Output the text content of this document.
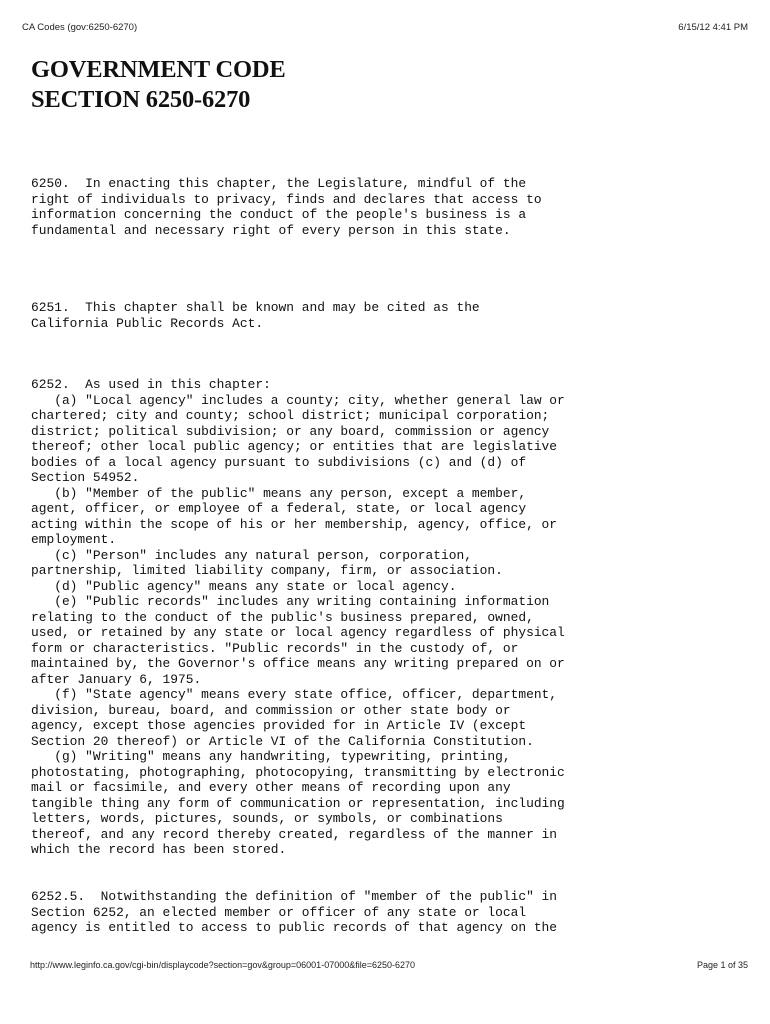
CA Codes (gov:6250-6270)	6/15/12 4:41 PM
GOVERNMENT CODE
SECTION 6250-6270
6250.  In enacting this chapter, the Legislature, mindful of the
right of individuals to privacy, finds and declares that access to
information concerning the conduct of the people's business is a
fundamental and necessary right of every person in this state.
6251.  This chapter shall be known and may be cited as the
California Public Records Act.
6252.  As used in this chapter:
(a) "Local agency" includes a county; city, whether general law or
chartered; city and county; school district; municipal corporation;
district; political subdivision; or any board, commission or agency
thereof; other local public agency; or entities that are legislative
bodies of a local agency pursuant to subdivisions (c) and (d) of
Section 54952.
(b) "Member of the public" means any person, except a member,
agent, officer, or employee of a federal, state, or local agency
acting within the scope of his or her membership, agency, office, or
employment.
(c) "Person" includes any natural person, corporation,
partnership, limited liability company, firm, or association.
(d) "Public agency" means any state or local agency.
(e) "Public records" includes any writing containing information
relating to the conduct of the public's business prepared, owned,
used, or retained by any state or local agency regardless of physical
form or characteristics. "Public records" in the custody of, or
maintained by, the Governor's office means any writing prepared on or
after January 6, 1975.
(f) "State agency" means every state office, officer, department,
division, bureau, board, and commission or other state body or
agency, except those agencies provided for in Article IV (except
Section 20 thereof) or Article VI of the California Constitution.
(g) "Writing" means any handwriting, typewriting, printing,
photostating, photographing, photocopying, transmitting by electronic
mail or facsimile, and every other means of recording upon any
tangible thing any form of communication or representation, including
letters, words, pictures, sounds, or symbols, or combinations
thereof, and any record thereby created, regardless of the manner in
which the record has been stored.
6252.5.  Notwithstanding the definition of "member of the public" in
Section 6252, an elected member or officer of any state or local
agency is entitled to access to public records of that agency on the
http://www.leginfo.ca.gov/cgi-bin/displaycode?section=gov&group=06001-07000&file=6250-6270	Page 1 of 35
